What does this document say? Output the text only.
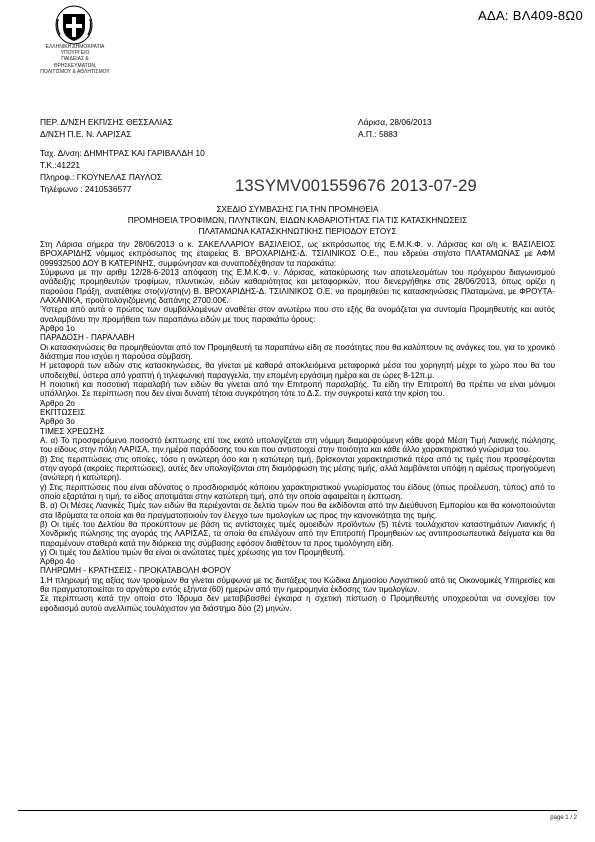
ΑΔΑ: ΒΛ409-8Ω0
ΕΛΛΗΝΙΚΗ ΔΗΜΟΚΡΑΤΙΑ
ΥΠΟΥΡΓΕΙΟ
ΠΑΙΔΕΙΑΣ & ΘΡΗΣΚΕΥΜΑΤΩΝ,
ΠΟΛΙΤΙΣΜΟΥ & ΑΘΛΗΤΙΣΜΟΥ
ΠΕΡ. Δ/ΝΣΗ ΕΚΠ/ΣΗΣ ΘΕΣΣΑΛΙΑΣ
Δ/ΝΣΗ Π.Ε. Ν. ΛΑΡΙΣΑΣ
Λάρισα, 28/06/2013
Α.Π.: 5883
Ταχ. Δ/νση: ΔΗΜΗΤΡΑΣ ΚΑΙ ΓΑΡΙΒΑΛΔΗ 10
Τ.Κ.:41221
Πληροφ.: ΓΚΟΥΝΕΛΑΣ ΠΑΥΛΟΣ
Τηλέφωνο : 2410536577	13SYMV001559676 2013-07-29
ΣΧΕΔΙΟ ΣΥΜΒΑΣΗΣ ΓΙΑ ΤΗΝ ΠΡΟΜΗΘΕΙΑ
ΠΡΟΜΗΘΕΙΑ ΤΡΟΦΙΜΩΝ, ΠΛΥΝΤΙΚΩΝ, ΕΙΔΩΝ ΚΑΘΑΡΙΟΤΗΤΑΣ ΓΙΑ ΤΙΣ ΚΑΤΑΣΚΗΝΩΣΕΙΣ
ΠΛΑΤΑΜΩΝΑ ΚΑΤΑΣΚΗΝΩΤΙΚΗΣ ΠΕΡΙΟΔΟΥ ΕΤΟΥΣ

Στη Λάρισα σήμερα την 28/06/2013 ο κ. ΣΑΚΕΛΛΑΡΙΟΥ ΒΑΣΙΛΕΙΟΣ, ως εκπρόσωπος της Ε.Μ.Κ.Φ. ν. Λάρισας και ο/η κ. ΒΑΣΙΛΕΙΟΣ ΒΡΟΧΑΡΙΔΗΣ νόμιμος εκπρόσωπος της εταιρείας Β. ΒΡΟΧΑΡΙΔΗΣ-Δ. ΤΣΙΛΙΝΙΚΟΣ Ο.Ε., που εδρεύει στη/στο ΠΛΑΤΑΜΩΝΑΣ με ΑΦΜ 099932500 ΔΟΥ Β ΚΑΤΕΡΙΝΗΣ, συμφώνησαν και συναποδέχθησαν τα παρακάτω:

Σύμφωνα με την αριθμ 12/28-6-2013 απόφαση της Ε.Μ.Κ.Φ. ν. Λάρισας, κατακύρωσης των αποτελεσμάτων του πρόχειρου διαγωνισμού ανάδειξης προμηθευτών τροφίμων, πλυντικών, ειδών καθαριότητας και μεταφορικών, που διενεργήθηκε στις 28/06/2013, όπως ορίζει η παρούσα Πράξη, ανατέθηκε στο(ν)/στη(ν) Β. ΒΡΟΧΑΡΙΔΗΣ-Δ. ΤΣΙΛΙΝΙΚΟΣ Ο.Ε. να προμηθεύει τις κατασκηνώσεις Πλαταμώνα, με ΦΡΟΥΤΑ-ΛΑΧΑΝΙΚΑ, προϋπολογιζόμενης δαπάνης 2700.00€.

Ύστερα από αυτά ο πρώτος των συμβαλλομένων αναθέτει στον ανωτέρω που στο εξής θα ονομάζεται για συντομία Προμηθευτής και αυτός αναλαμβάνει την προμήθεια των παραπάνω ειδών με τους παρακάτω όρους:

Άρθρο 1ο

ΠΑΡΑΔΟΣΗ - ΠΑΡΑΛΑΒΗ

Οι κατασκηνώσεις θα προμηθεύονται από τον Προμηθευτή τα παραπάνω είδη σε ποσότητες που θα καλύπτουν τις ανάγκες του, για το χρονικό διάστημα που ισχύει η παρούσα σύμβαση.

Η μεταφορά των ειδών στις κατασκηνώσεις, θα γίνεται με καθαρά αποκλειόμενα μεταφορικά μέσα του χορηγητή μέχρι το χώρο που θα του υποδειχθεί, ύστερα από γραπτή ή τηλεφωνική παραγγελία, την επομένη εργάσιμη ημέρα και σε ώρες 8-12π.μ.

Η ποιοτική και ποσοτική παραλαβή των ειδών θα γίνεται από την Επιτροπή παραλαβής. Τα είδη την Επιτροπή θα πρέπει να είναι μόνιμοι υπάλληλοι. Σε περίπτωση που δεν είναι δυνατή τέτοια συγκρότηση τότε το Δ.Σ. την συγκροτεί κατά την κρίση του.

Άρθρο 2ο

ΕΚΠΤΩΣΕΙΣ

Άρθρο 3ο

ΤΙΜΕΣ ΧΡΕΩΣΗΣ

Α. α) Το προσφερόμενο ποσοστό έκπτωσης επί τοις εκατό υπολογίζεται στη νόμιμη διαμορφούμενη κάθε φορά Μέση Τιμή Λιανικής πώλησης του είδους στην πόλη ΛΑΡΙΣΑ, την ημέρα παράδοσης του και που αντιστοιχεί στην ποιότητα και κάθε άλλο χαρακτηριστικό γνώρισμα του.

β) Στις περιπτώσεις στις οποίες, τόσο η ανώτερη όσο και η κατώτερη τιμή, βρίσκονται χαρακτηριστικά πέρα από τις τιμές που προσφέρονται στην αγορά (ακραίες περιπτώσεις), αυτές δεν υπολογίζονται στη διαμόρφωση της μέσης τιμής, αλλά λαμβάνεται υπόψη η αμέσως προηγούμενη (ανώτερη ή κατώτερη).

γ) Στις περιπτώσεις που είναι αδύνατος ο προσδιορισμός κάποιου χαρακτηριστικού γνωρίσματος του είδους (όπως προέλευση, τύπος) από το οποίο εξαρτάται η τιμή, το είδος αποτιμάται στην κατώτερη τιμή, από την οποία αφαιρείται η έκπτωση.

Β. α) Οι Μέσες Λιανικές Τιμές των ειδών θα περιέχονται σε δελτία τιμών που θα εκδίδονται από την Διεύθυνση Εμπορίου και θα κοινοποιούνται στα Ιδρύματα τα οποία και θα πραγματοποιούν τον έλεγχο των τιμολογίων ως προς την κανονικότητα της τιμής.

β) Οι τιμές του Δελτίου θα προκύπτουν με βάση τις αντίστοιχες τιμές ομοειδών προϊόντων (5) πέντε τουλάχιστον καταστημάτων Λιανικής ή Χονδρικής πώλησης της αγοράς της ΛΑΡΙΣΑΣ, τα οποία θα επιλέγουν από την Επιτροπή Προμηθειών ως αντιπροσωπευτικά δείγματα και θα παραμένουν σταθερά κατά την διάρκεια της σύμβασης εφόσον διαθέτουν τα προς τιμολόγηση είδη.

γ) Οι τιμές του Δελτίου τιμών θα είναι οι ανώτατες τιμές χρέωσης για τον Προμηθευτή.

Άρθρο 4ο

ΠΛΗΡΩΜΗ - ΚΡΑΤΗΣΕΙΣ - ΠΡΟΚΑΤΑΒΟΛΗ ΦΟΡΟΥ

1.Η πληρωμή της αξίας των τροφίμων θα γίνεται σύμφωνα με τις διατάξεις του Κώδικα Δημοσίου Λογιστικού από τις Οικονομικές Υπηρεσίες και θα πραγματοποιείται το αργότερο εντός εξήντα (60) ημερών από την ημερομηνία έκδοσης των τιμολογίων.

Σε περίπτωση κατά την οποία στο Ίδρυμα δεν μεταβιβασθεί έγκαιρα η σχετική πίστωση ο Προμηθευτής υποχρεούται να συνεχίσει τον εφοδιασμό αυτού ανελλιπώς τουλάχιστον για διάστημα δύο (2) μηνών.

page 1 / 2
